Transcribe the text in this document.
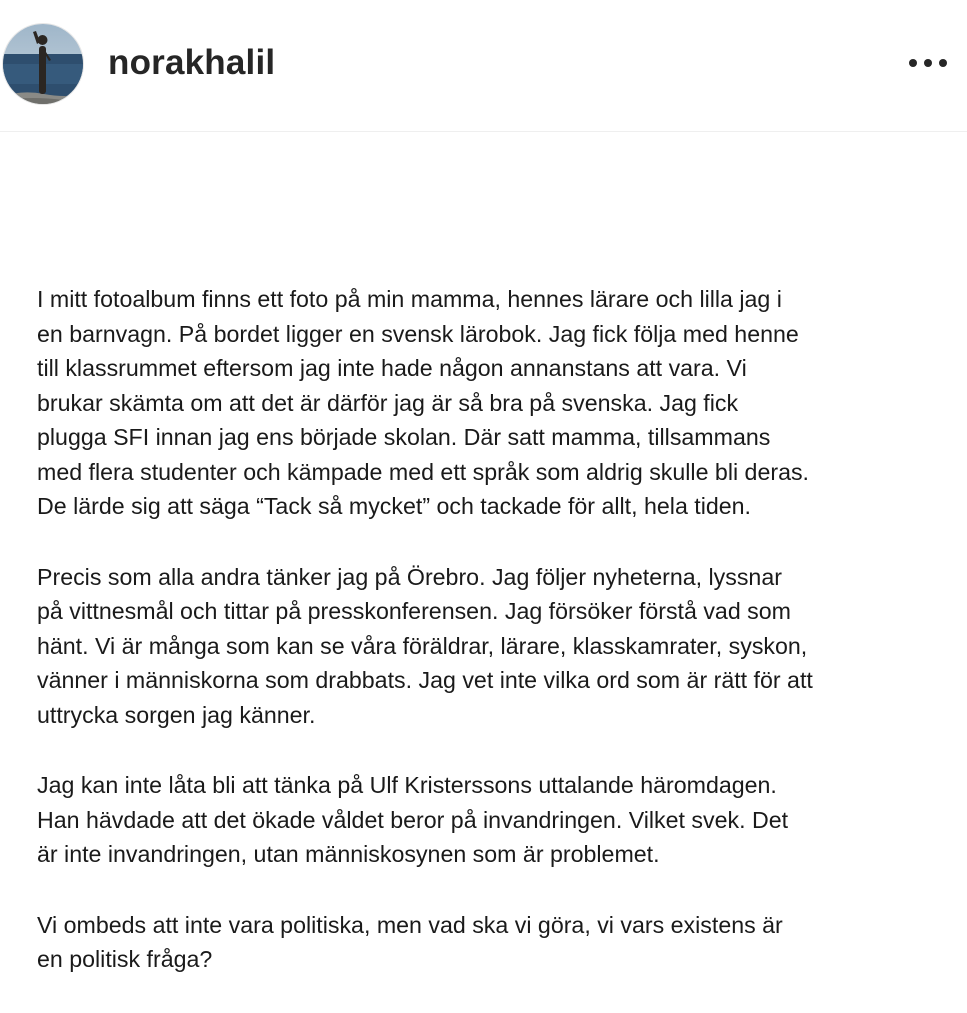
norakhalil

I mitt fotoalbum finns ett foto på min mamma, hennes lärare och lilla jag i
en barnvagn. På bordet ligger en svensk lärobok. Jag fick följa med henne
till klassrummet eftersom jag inte hade någon annanstans att vara. Vi
brukar skämta om att det är därför jag är så bra på svenska. Jag fick
plugga SFI innan jag ens började skolan. Där satt mamma, tillsammans
med flera studenter och kämpade med ett språk som aldrig skulle bli deras.
De lärde sig att säga “Tack så mycket” och tackade för allt, hela tiden.

Precis som alla andra tänker jag på Örebro. Jag följer nyheterna, lyssnar
på vittnesmål och tittar på presskonferensen. Jag försöker förstå vad som
hänt. Vi är många som kan se våra föräldrar, lärare, klasskamrater, syskon,
vänner i människorna som drabbats. Jag vet inte vilka ord som är rätt för att
uttrycka sorgen jag känner.

Jag kan inte låta bli att tänka på Ulf Kristerssons uttalande häromdagen.
Han hävdade att det ökade våldet beror på invandringen. Vilket svek. Det
är inte invandringen, utan människosynen som är problemet.

Vi ombeds att inte vara politiska, men vad ska vi göra, vi vars existens är
en politisk fråga?
